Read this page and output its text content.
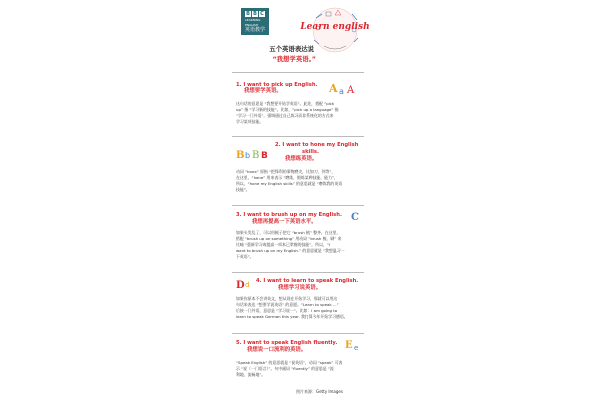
B B C
LEARNING
ENGLISH
英语教学	Learn english
五个英语表达说
“我想学英语。”
1. I want to pick up English.
我想要学英语。	A a A

这句话的意思是 “我想要开始学英语”。此处，搭配 “pick

up” 指 “学习新的技能”。比如，“pick up a language” 指

“学习一门外语”，强调通过自己练习而非系统化的方式来

学习某项技能。

B b B B
2. I want to hone my English
skills.
我想练英语。

动词 “hone” 原指 “把锋利的事物磨尖，比如刀、剑等”，

在这里，“hone” 用来表示 “磨练，锻炼某种技能、能力”，

所以，“hone my English skills” 的意思就是 “磨练我的英语

技能”。

3. I want to brush up on my English.
我想再提高一下英语水平。	C

如果头发乱了，可以用梳子把它 “brush 梳” 整齐。在这里，

搭配 “brush up on something” 用动词 “brush 梳、刷” 来

比喻 “重新学习或提高一项本已掌握的技能”。所以，“I

want to brush up on my English.” 的意思就是 “我想温习一

下英语”。

D d 4. I want to learn to speak English.
我想学习说英语。

如果你原本不会讲英文，想从现在开始学习，那就可以用这

句话来表达 “想要学说英语” 的意愿。“Learn to speak ...”

后接一门外语，意思是 “学习说一”。比如：I am going to

learn to speak German this year. 我打算今年开始学习德语。

5. I want to speak English fluently.
我想说一口流利的英语。	E e

“Speak English” 的意思就是 “说英语”，动词 “speak” 可表

示 “说（一门语言）”。句中副词 “fluently” 的意思是 “流

利地、流畅地”。

图片来源：Getty Images
